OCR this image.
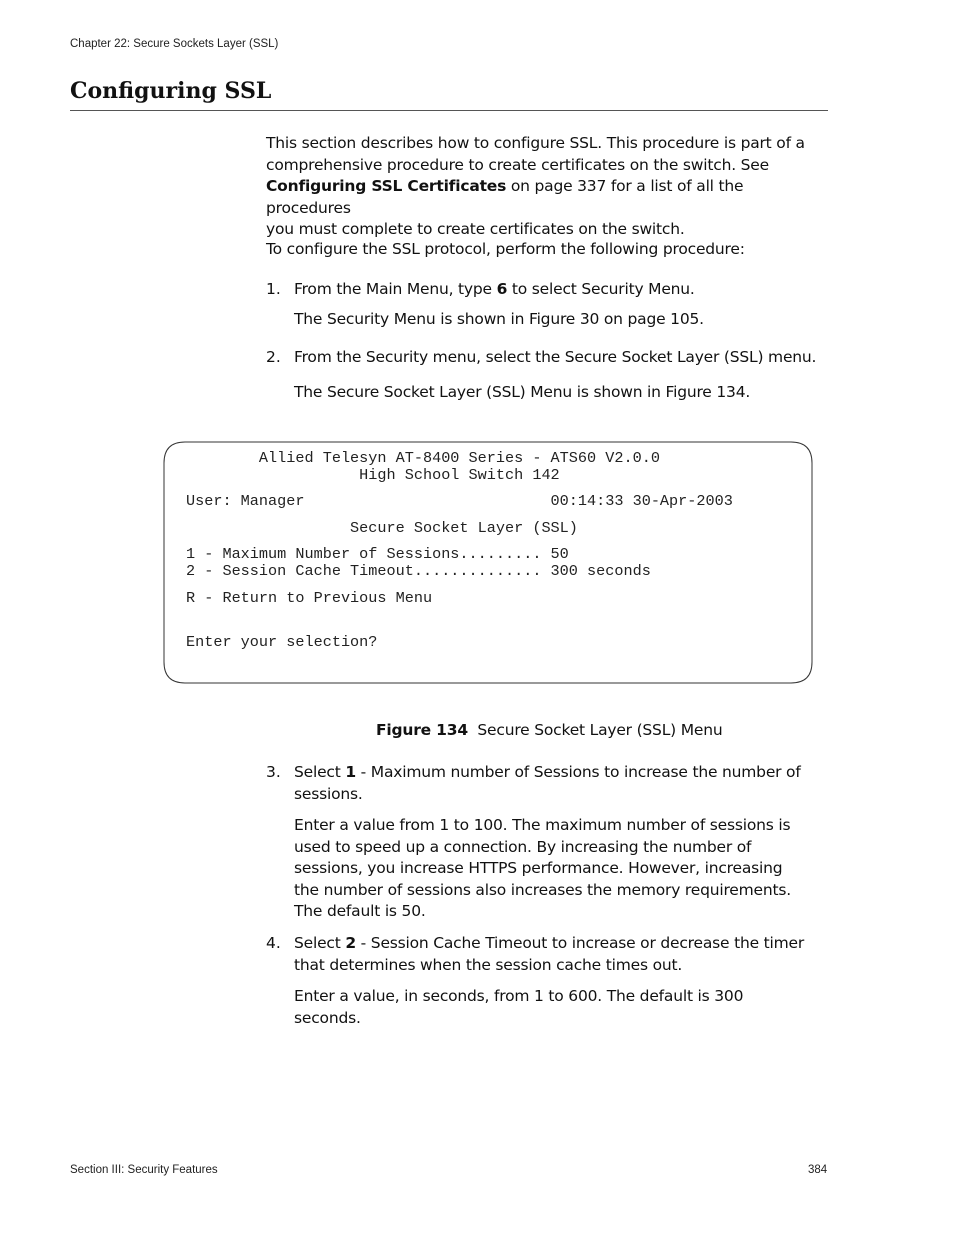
Chapter 22: Secure Sockets Layer (SSL)
Configuring SSL
This section describes how to configure SSL. This procedure is part of a
comprehensive procedure to create certificates on the switch. See
Configuring SSL Certificates on page 337 for a list of all the procedures
you must complete to create certificates on the switch.
To configure the SSL protocol, perform the following procedure:
1. From the Main Menu, type 6 to select Security Menu.
The Security Menu is shown in Figure 30 on page 105.
2. From the Security menu, select the Secure Socket Layer (SSL) menu.
The Secure Socket Layer (SSL) Menu is shown in Figure 134.
Allied Telesyn AT-8400 Series - ATS60 V2.0.0
High School Switch 142
User: Manager                           00:14:33 30-Apr-2003
Secure Socket Layer (SSL)
1 - Maximum Number of Sessions......... 50
2 - Session Cache Timeout.............. 300 seconds
R - Return to Previous Menu
Enter your selection?
Figure 134  Secure Socket Layer (SSL) Menu
3. Select 1 - Maximum number of Sessions to increase the number of
sessions.
Enter a value from 1 to 100. The maximum number of sessions is
used to speed up a connection. By increasing the number of
sessions, you increase HTTPS performance. However, increasing
the number of sessions also increases the memory requirements.
The default is 50.
4. Select 2 - Session Cache Timeout to increase or decrease the timer
that determines when the session cache times out.
Enter a value, in seconds, from 1 to 600. The default is 300
seconds.
Section III: Security Features	384
